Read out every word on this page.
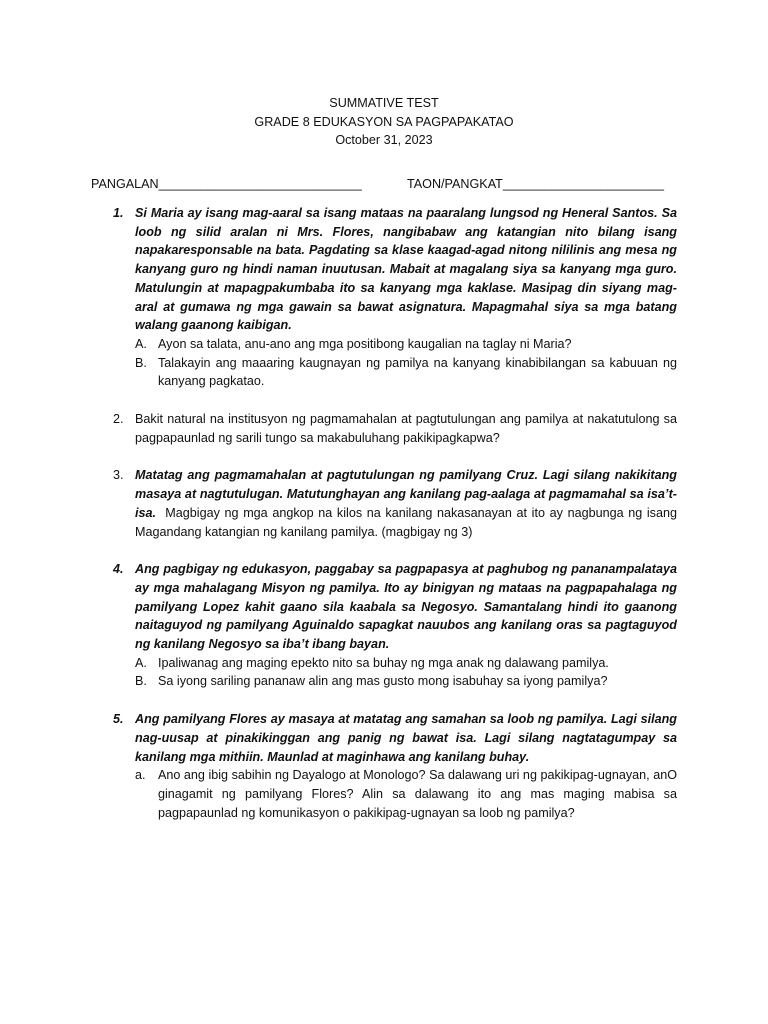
SUMMATIVE TEST
GRADE 8 EDUKASYON SA PAGPAPAKATAO
October 31, 2023
PANGALAN_____________________________	TAON/PANGKAT_______________________
1. Si Maria ay isang mag-aaral sa isang mataas na paaralang lungsod ng Heneral Santos. Sa loob ng silid aralan ni Mrs. Flores, nangibabaw ang katangian nito bilang isang napakaresponsable na bata. Pagdating sa klase kaagad-agad nitong nililinis ang mesa ng kanyang guro ng hindi naman inuutusan. Mabait at magalang siya sa kanyang mga guro. Matulungin at mapagpakumbaba ito sa kanyang mga kaklase. Masipag din siyang mag-aral at gumawa ng mga gawain sa bawat asignatura. Mapagmahal siya sa mga batang walang gaanong kaibigan.

A. Ayon sa talata, anu-ano ang mga positibong kaugalian na taglay ni Maria?
B. Talakayin ang maaaring kaugnayan ng pamilya na kanyang kinabibilangan sa kabuuan ng kanyang pagkatao.
2. Bakit natural na institusyon ng pagmamahalan at pagtutulungan ang pamilya at nakatutulong sa pagpapaunlad ng sarili tungo sa makabuluhang pakikipagkapwa?

3. Matatag ang pagmamahalan at pagtutulungan ng pamilyang Cruz. Lagi silang nakikitang masaya at nagtutulugan. Matutunghayan ang kanilang pag-aalaga at pagmamahal sa isa’t-isa. Magbigay ng mga angkop na kilos na kanilang nakasanayan at ito ay nagbunga ng isang Magandang katangian ng kanilang pamilya. (magbigay ng 3)

4. Ang pagbigay ng edukasyon, paggabay sa pagpapasya at paghubog ng pananampalataya ay mga mahalagang Misyon ng pamilya. Ito ay binigyan ng mataas na pagpapahalaga ng pamilyang Lopez kahit gaano sila kaabala sa Negosyo. Samantalang hindi ito gaanong naitaguyod ng pamilyang Aguinaldo sapagkat nauubos ang kanilang oras sa pagtaguyod ng kanilang Negosyo sa iba’t ibang bayan.

A. Ipaliwanag ang maging epekto nito sa buhay ng mga anak ng dalawang pamilya.
B. Sa iyong sariling pananaw alin ang mas gusto mong isabuhay sa iyong pamilya?
5. Ang pamilyang Flores ay masaya at matatag ang samahan sa loob ng pamilya. Lagi silang nag-uusap at pinakikinggan ang panig ng bawat isa. Lagi silang nagtatagumpay sa kanilang mga mithiin. Maunlad at maginhawa ang kanilang buhay.

a. Ano ang ibig sabihin ng Dayalogo at Monologo? Sa dalawang uri ng pakikipag-ugnayan, anO ginagamit ng pamilyang Flores? Alin sa dalawang ito ang mas maging mabisa sa pagpapaunlad ng komunikasyon o pakikipag-ugnayan sa loob ng pamilya?
